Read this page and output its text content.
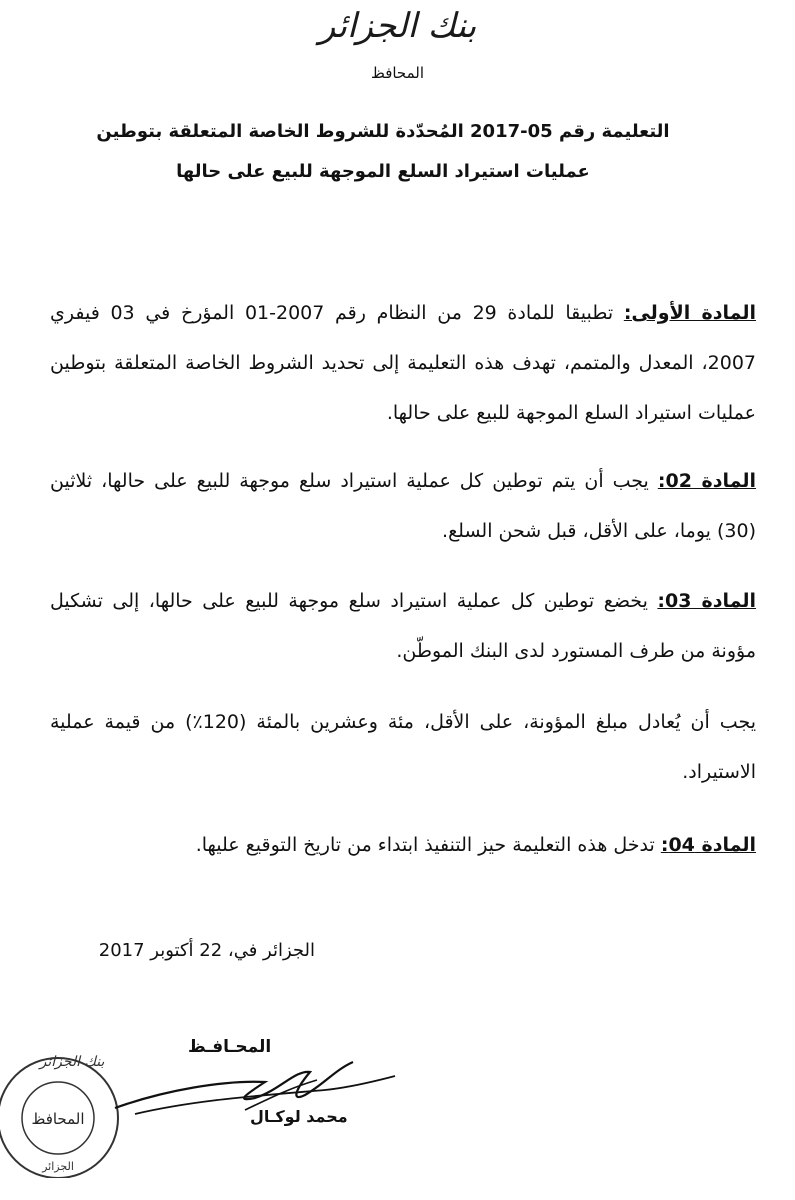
بنك الجزائر
المحافظ
التعليمة رقم 05-2017 المُحدّدة للشروط الخاصة المتعلقة بتوطين
عمليات استيراد السلع الموجهة للبيع على حالها
المادة الأولى: تطبيقا للمادة 29 من النظام رقم 2007-01 المؤرخ في 03 فيفري 2007، المعدل والمتمم، تهدف هذه التعليمة إلى تحديد الشروط الخاصة المتعلقة بتوطين عمليات استيراد السلع الموجهة للبيع على حالها.
المادة 02: يجب أن يتم توطين كل عملية استيراد سلع موجهة للبيع على حالها، ثلاثين (30) يوما، على الأقل، قبل شحن السلع.
المادة 03: يخضع توطين كل عملية استيراد سلع موجهة للبيع على حالها، إلى تشكيل مؤونة من طرف المستورد لدى البنك الموطّن.
يجب أن يُعادل مبلغ المؤونة، على الأقل، مئة وعشرين بالمئة (120٪) من قيمة عملية الاستيراد.
المادة 04: تدخل هذه التعليمة حيز التنفيذ ابتداء من تاريخ التوقيع عليها.
الجزائر في، 22 أكتوبر 2017
بنك الجزائر
المحافظ
الجزائر
المحـافـظ
محمد لوكـال
